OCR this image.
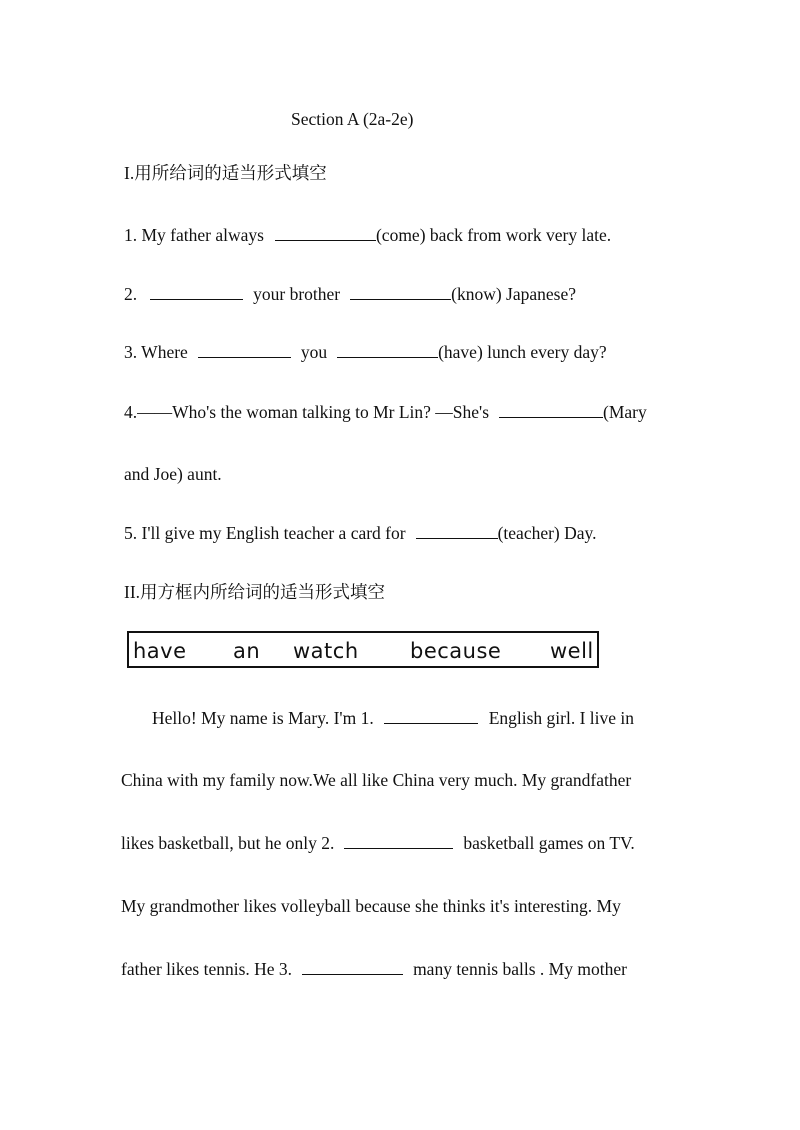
Section A (2a-2e)
I.用所给词的适当形式填空
1. My father always	(come) back from work very late.
2.	your brother	(know) Japanese?
3. Where	you	(have) lunch every day?
4.——Who's the woman talking to Mr Lin? —She's	(Mary
and Joe) aunt.
5. I'll give my English teacher a card for	(teacher) Day.
II.用方框内所给词的适当形式填空
have an watch because well
Hello! My name is Mary. I'm 1.	English girl. I live in
China with my family now.We all like China very much. My grandfather
likes basketball, but he only 2.	basketball games on TV.
My grandmother likes volleyball because she thinks it's interesting. My
father likes tennis. He 3.	many tennis balls . My mother
